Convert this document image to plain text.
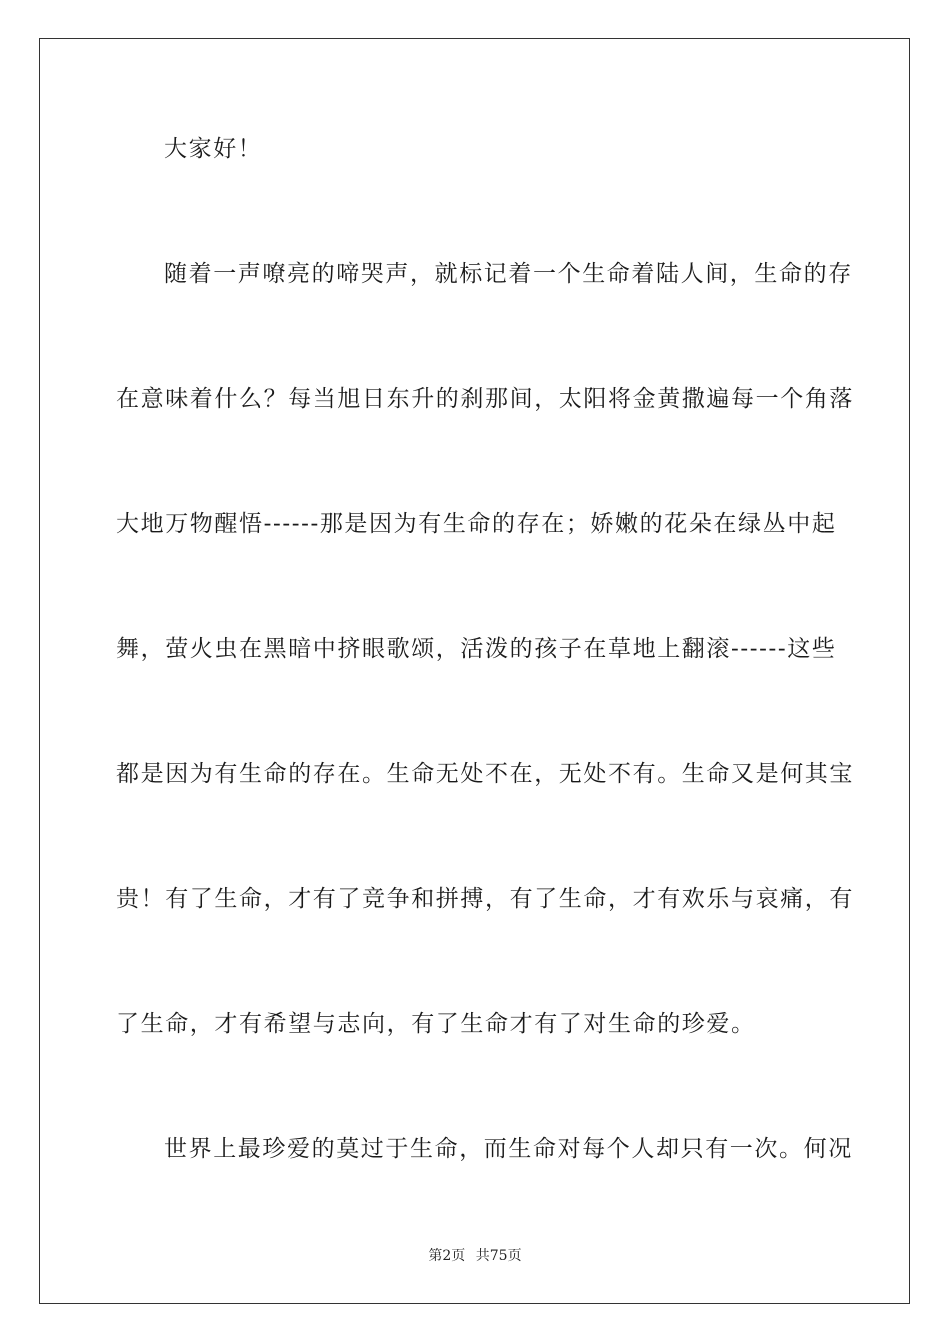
大家好！
随着一声嘹亮的啼哭声，就标记着一个生命着陆人间，生命的存
在意味着什么？每当旭日东升的刹那间，太阳将金黄撒遍每一个角落
大地万物醒悟------那是因为有生命的存在；娇嫩的花朵在绿丛中起
舞，萤火虫在黑暗中挤眼歌颂，活泼的孩子在草地上翻滚------这些
都是因为有生命的存在。生命无处不在，无处不有。生命又是何其宝
贵！有了生命，才有了竞争和拼搏，有了生命，才有欢乐与哀痛，有
了生命，才有希望与志向，有了生命才有了对生命的珍爱。
世界上最珍爱的莫过于生命，而生命对每个人却只有一次。何况
第2页 共75页
